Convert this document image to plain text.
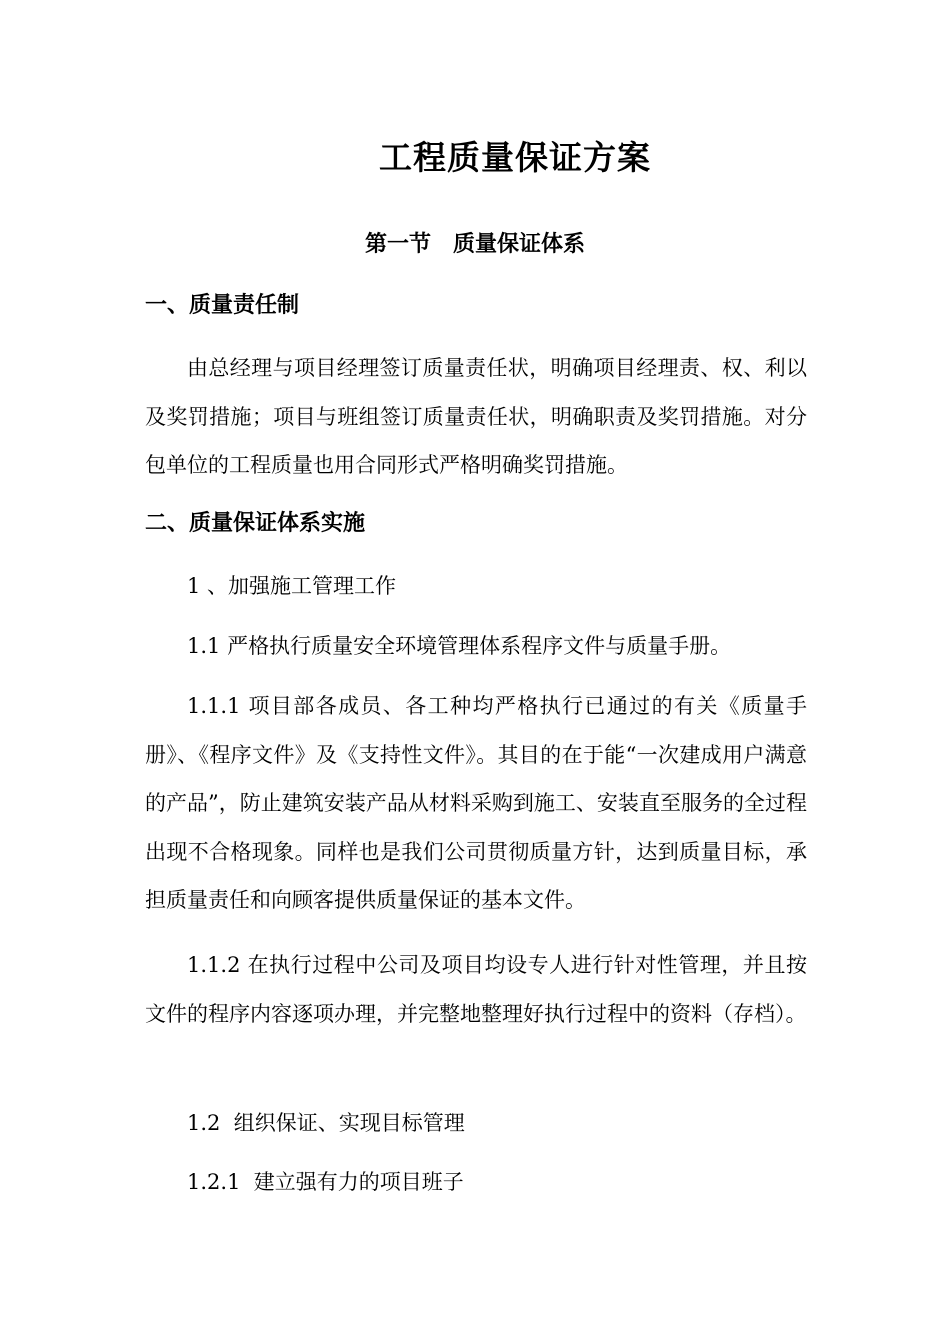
工程质量保证方案
第一节　质量保证体系
一、质量责任制
由总经理与项目经理签订质量责任状，明确项目经理责、权、利以及奖罚措施；项目与班组签订质量责任状，明确职责及奖罚措施。对分包单位的工程质量也用合同形式严格明确奖罚措施。
二、质量保证体系实施
1 、加强施工管理工作
1.1 严格执行质量安全环境管理体系程序文件与质量手册。
1.1.1 项目部各成员、各工种均严格执行已通过的有关《质量手册》、《程序文件》及《支持性文件》。其目的在于能“一次建成用户满意的产品”，防止建筑安装产品从材料采购到施工、安装直至服务的全过程出现不合格现象。同样也是我们公司贯彻质量方针，达到质量目标，承担质量责任和向顾客提供质量保证的基本文件。
1.1.2 在执行过程中公司及项目均设专人进行针对性管理，并且按文件的程序内容逐项办理，并完整地整理好执行过程中的资料（存档）。
1.2  组织保证、实现目标管理
1.2.1  建立强有力的项目班子
